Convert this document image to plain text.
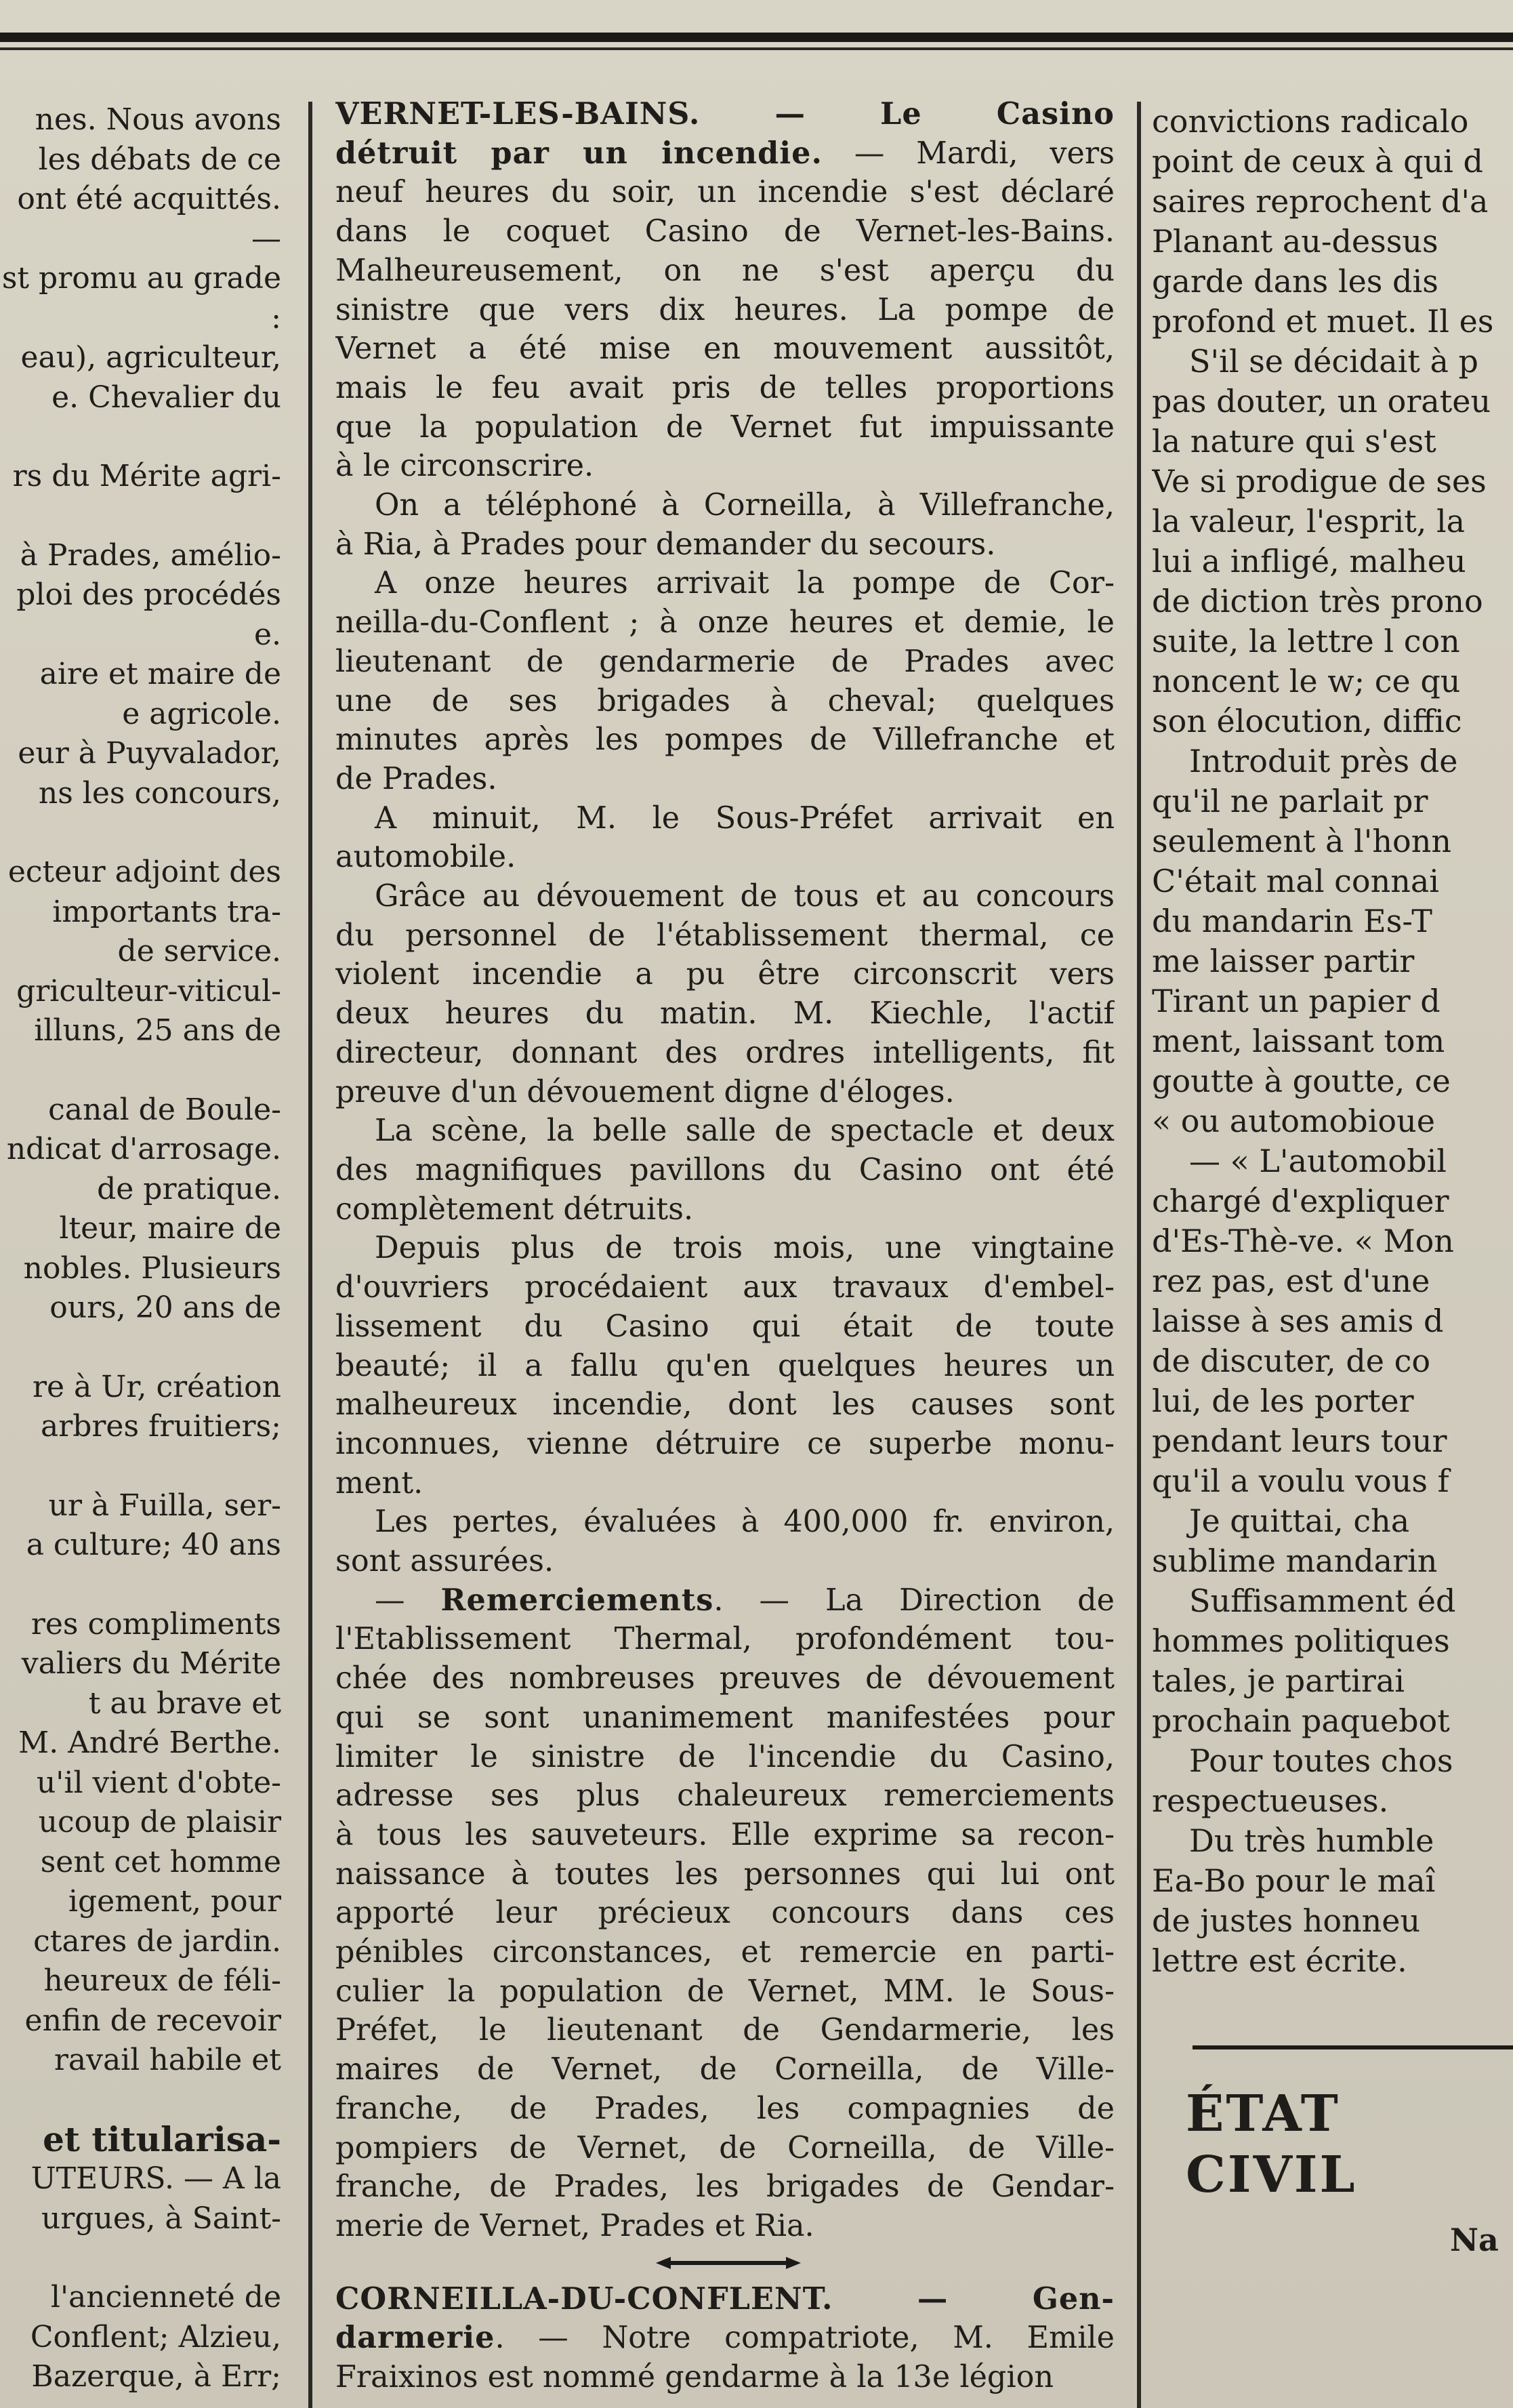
nes. Nous avons
les débats de ce
ont été acquittés.
—
st promu au grade
:
eau), agriculteur,
e. Chevalier du

rs du Mérite agri-

à Prades, amélio-
ploi des procédés
e.
aire et maire de
e agricole.
eur à Puyvalador,
ns les concours,

ecteur adjoint des
importants tra-
de service.
griculteur-viticul-
illuns, 25 ans de

canal de Boule-
ndicat d'arrosage.
de pratique.
lteur, maire de
nobles. Plusieurs
ours, 20 ans de

re à Ur, création
arbres fruitiers;

ur à Fuilla, ser-
a culture; 40 ans

res compliments
valiers du Mérite
t au brave et
M. André Berthe.
u'il vient d'obte-
ucoup de plaisir
sent cet homme
igement, pour
ctares de jardin.
heureux de féli-
enfin de recevoir
ravail habile et

et titularisa-
UTEURS. — A la
urgues, à Saint-

l'ancienneté de
Conflent; Alzieu,
Bazerque, à Err;
VERNET-LES-BAINS. — Le Casino
détruit par un incendie. — Mardi, vers
neuf heures du soir, un incendie s'est déclaré
dans le coquet Casino de Vernet-les-Bains.
Malheureusement, on ne s'est aperçu du
sinistre que vers dix heures. La pompe de
Vernet a été mise en mouvement aussitôt,
mais le feu avait pris de telles proportions
que la population de Vernet fut impuissante
à le circonscrire.
On a téléphoné à Corneilla, à Villefranche,
à Ria, à Prades pour demander du secours.
A onze heures arrivait la pompe de Cor-
neilla-du-Conflent ; à onze heures et demie, le
lieutenant de gendarmerie de Prades avec
une de ses brigades à cheval; quelques
minutes après les pompes de Villefranche et
de Prades.
A minuit, M. le Sous-Préfet arrivait en
automobile.
Grâce au dévouement de tous et au concours
du personnel de l'établissement thermal, ce
violent incendie a pu être circonscrit vers
deux heures du matin. M. Kiechle, l'actif
directeur, donnant des ordres intelligents, fit
preuve d'un dévouement digne d'éloges.
La scène, la belle salle de spectacle et deux
des magnifiques pavillons du Casino ont été
complètement détruits.
Depuis plus de trois mois, une vingtaine
d'ouvriers procédaient aux travaux d'embel-
lissement du Casino qui était de toute
beauté; il a fallu qu'en quelques heures un
malheureux incendie, dont les causes sont
inconnues, vienne détruire ce superbe monu-
ment.
Les pertes, évaluées à 400,000 fr. environ,
sont assurées.
— Remerciements. — La Direction de
l'Etablissement Thermal, profondément tou-
chée des nombreuses preuves de dévouement
qui se sont unanimement manifestées pour
limiter le sinistre de l'incendie du Casino,
adresse ses plus chaleureux remerciements
à tous les sauveteurs. Elle exprime sa recon-
naissance à toutes les personnes qui lui ont
apporté leur précieux concours dans ces
pénibles circonstances, et remercie en parti-
culier la population de Vernet, MM. le Sous-
Préfet, le lieutenant de Gendarmerie, les
maires de Vernet, de Corneilla, de Ville-
franche, de Prades, les compagnies de
pompiers de Vernet, de Corneilla, de Ville-
franche, de Prades, les brigades de Gendar-
merie de Vernet, Prades et Ria.
CORNEILLA-DU-CONFLENT. — Gen-
darmerie. — Notre compatriote, M. Emile
Fraixinos est nommé gendarme à la 13e légion
convictions radicalo
point de ceux à qui d
saires reprochent d'a
Planant au-dessus
garde dans les dis
profond et muet. Il es
S'il se décidait à p
pas douter, un orateu
la nature qui s'est
Ve si prodigue de ses
la valeur, l'esprit, la
lui a infligé, malheu
de diction très prono
suite, la lettre l con
noncent le w; ce qu
son élocution, diffic
Introduit près de
qu'il ne parlait pr
seulement à l'honn
C'était mal connai
du mandarin Es-T
me laisser partir
Tirant un papier d
ment, laissant tom
goutte à goutte, ce
« ou automobioue
— « L'automobil
chargé d'expliquer
d'Es-Thè-ve. « Mon
rez pas, est d'une
laisse à ses amis d
de discuter, de co
lui, de les porter
pendant leurs tour
qu'il a voulu vous f
Je quittai, cha
sublime mandarin
Suffisamment éd
hommes politiques
tales, je partirai
prochain paquebot
Pour toutes chos
respectueuses.
Du très humble
Ea-Bo pour le maî
de justes honneu
lettre est écrite.
ÉTAT CIVIL
Na
